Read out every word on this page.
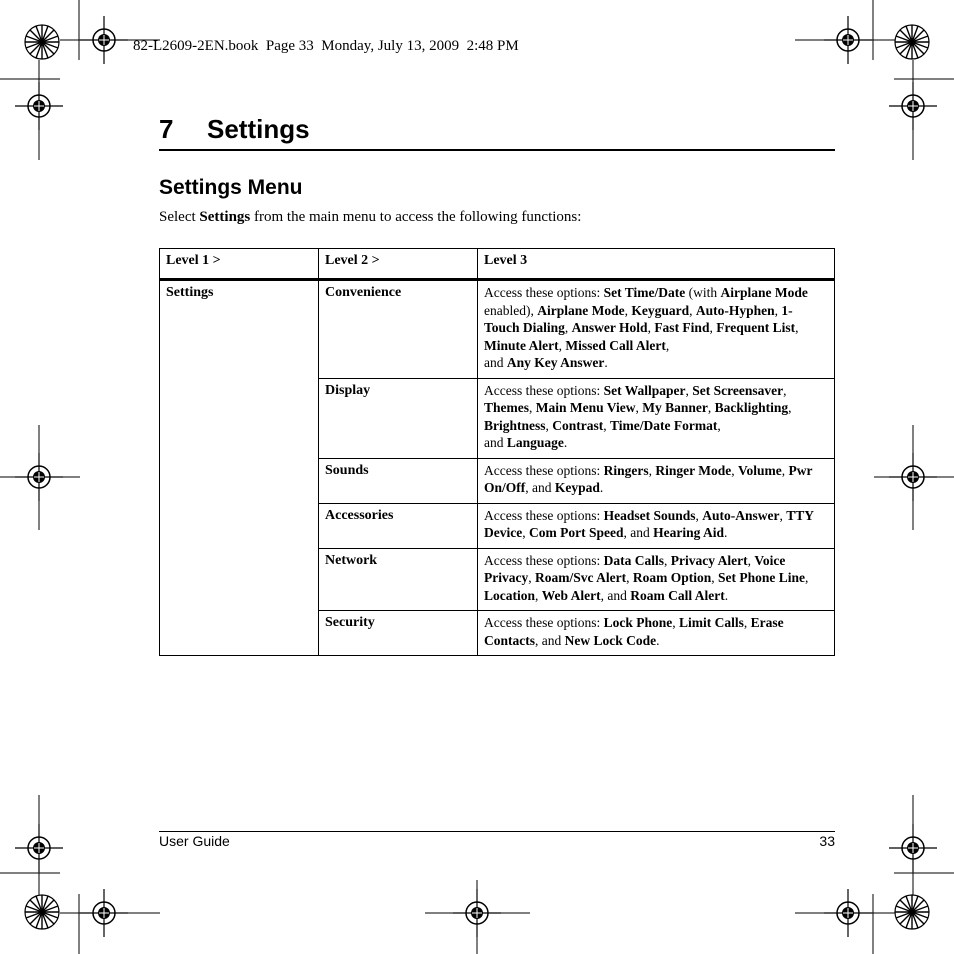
82-L2609-2EN.book  Page 33  Monday, July 13, 2009  2:48 PM
7 Settings
Settings Menu
Select Settings from the main menu to access the following functions:
Level 1 >	Level 2 >	Level 3
Settings	Convenience	Access these options: Set Time/Date (with Airplane Mode enabled), Airplane Mode, Keyguard, Auto-Hyphen, 1-Touch Dialing, Answer Hold, Fast Find, Frequent List, Minute Alert, Missed Call Alert,
and Any Key Answer.
	Display	Access these options: Set Wallpaper, Set Screensaver, Themes, Main Menu View, My Banner, Backlighting, Brightness, Contrast, Time/Date Format,
and Language.
	Sounds	Access these options: Ringers, Ringer Mode, Volume, Pwr On/Off, and Keypad.
	Accessories	Access these options: Headset Sounds, Auto-Answer, TTY Device, Com Port Speed, and Hearing Aid.
	Network	Access these options: Data Calls, Privacy Alert, Voice Privacy, Roam/Svc Alert, Roam Option, Set Phone Line, Location, Web Alert, and Roam Call Alert.
	Security	Access these options: Lock Phone, Limit Calls, Erase Contacts, and New Lock Code.
User Guide	33
